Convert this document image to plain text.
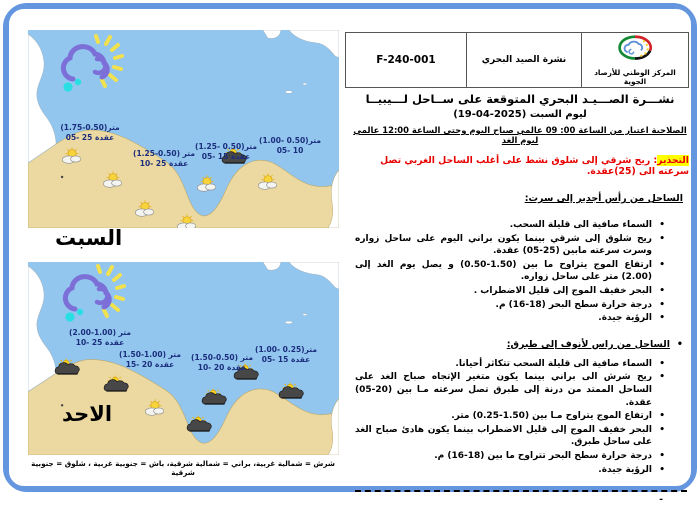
(1.75-0.50)متر
05- 25 عقدة
(1.25-0.50) متر
10- 25 عقدة
(1.25- 0.50)متر
05- 15 عقدة
(1.00- 0.50)متر
05- 10
السبت
(2.00-1.00) متر
10- 25 عقدة
(1.50-1.00) متر
15- 20 عقدة
(1.50-0.50) متر
10- 20 عقدة
(1.00- 0.25)متر
05- 15 عقدة
الاحد
شرش = شمالية غربية، براني = شمالية شرقية، باش = جنوبية غربية ، شلوق = جنوبية شرقية
المركز الوطني للأرصاد الجوية
	نشرة الصيد البحري	F-240-001
نشـــرة الصـــيـد البحري المتوقعة على ســاحل لـــيبيــا
ليوم السبت (2025-04-19)
الصلاحية اعتبار من الساعة 00: 09 عالمي صباح اليوم وحتى الساعة 12:00 عالمي ليوم الغد
التحذير: ريح شرقي إلى شلوق نشط على أغلب الساحل الغربي تصل سرعته الى (25)عقدة.
الساحل من رأس أجدير إلى سرت:
• السماء صافية الى قليلة السحب.
• ريح شلوق إلى شرقي بينما يكون براني اليوم على ساحل زواره وسرت سرعته مابين (25-05) عقدة.
• ارتفاع الموج يتراوح ما بين (1.50-0.50) و يصل يوم الغد إلى (2.00) متر على ساحل زواره.
• البحر خفيف الموج إلى قليل الاضطراب .
• درجة حرارة سطح البحر (18-16) م.
• الرؤية جيدة.
• الساحل من راس لأنوف إلى طبرق:
• السماء صافية الى قليلة السحب تتكاثر أحيانا.
• ريح شرش الى براني بينما يكون متغير الإتجاه صباح الغد على الساحل الممتد من درنة إلى طبرق تصل سرعته مـا بين (20-05) عقدة.
• ارتفاع الموج يتراوح مـا بين (1.50-0.25) متر.
• البحر خفيف الموج إلى قليل الاضطراب بينما يكون هادئ صباح الغد على ساحل طبرق.
• درجة حرارة سطح البحر تتراوح ما بين (18-16) م.
• الرؤية جيدة.
-
